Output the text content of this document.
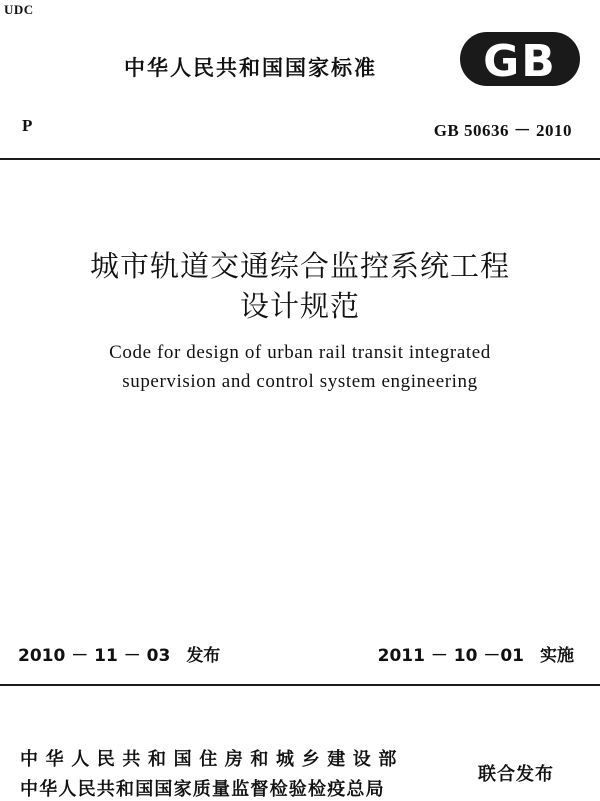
UDC
中华人民共和国国家标准 GB
P	GB 50636 － 2010
城市轨道交通综合监控系统工程
设计规范
Code for design of urban rail transit integrated
supervision and control system engineering
2010 － 11 － 03 发布	2011 － 10 －01 实施
中华人民共和国住房和城乡建设部
中华人民共和国国家质量监督检验检疫总局
联合发布
